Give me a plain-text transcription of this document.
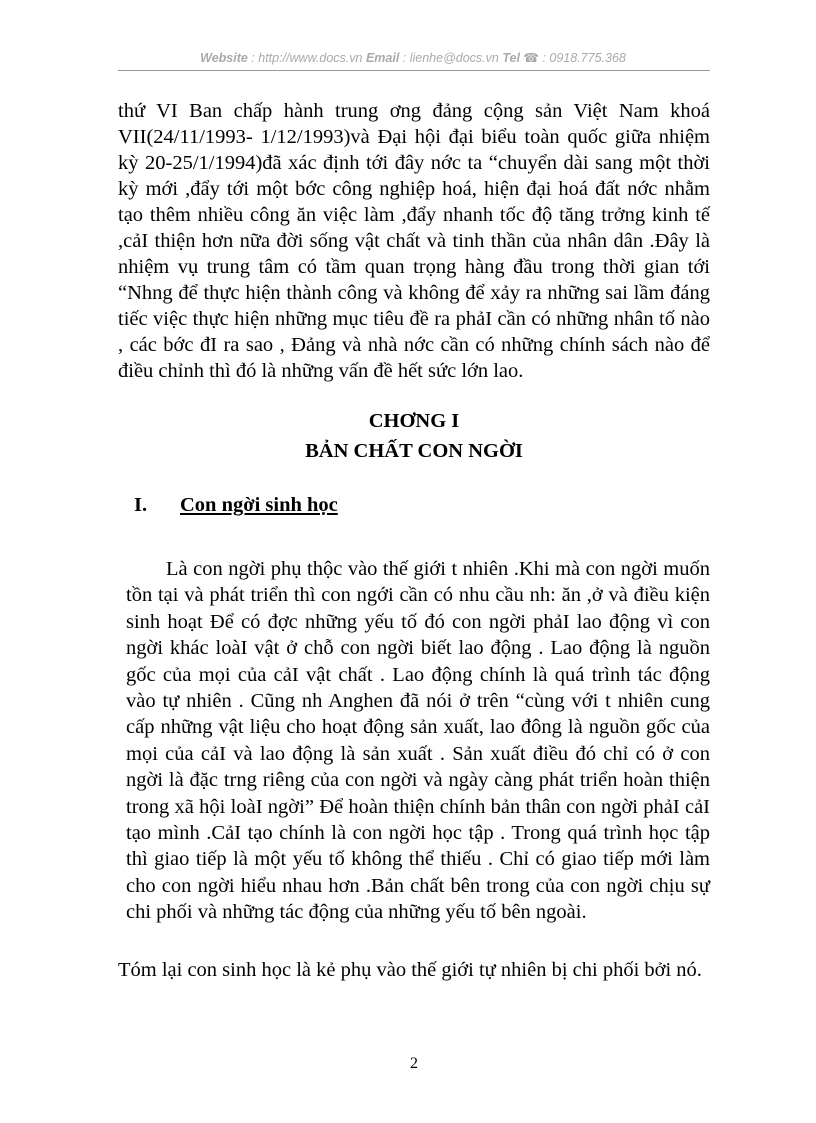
Website : http://www.docs.vn Email : lienhe@docs.vn Tel ☎ : 0918.775.368

thứ VI Ban chấp hành trung ơng đảng cộng sản Việt Nam khoá VII(24/11/1993- 1/12/1993)và Đại hội đại biểu toàn quốc giữa nhiệm kỳ 20-25/1/1994)đã xác định tới đây nớc ta “chuyển dài sang một thời kỳ mới ,đẩy tới một bớc công nghiệp hoá, hiện đại hoá đất nớc nhằm tạo thêm nhiều công ăn việc làm ,đẩy nhanh tốc độ tăng trởng kinh tế ,cảI thiện hơn nữa đời sống vật chất và tinh thần của nhân dân .Đây là nhiệm vụ trung tâm có tầm quan trọng hàng đầu trong thời gian tới “Nhng để thực hiện thành công và không để xảy ra những sai lầm đáng tiếc việc thực hiện những mục tiêu đề ra phảI cần có những nhân tố nào , các bớc đI ra sao , Đảng và nhà nớc cần có những chính sách nào để điều chỉnh thì đó là những vấn đề hết sức lớn lao.

CHƠNG I
BẢN CHẤT CON NGỜI
I. Con ngời sinh học

Là con ngời phụ thộc vào thế giới t nhiên .Khi mà con ngời muốn tồn tại và phát triển thì con ngới cần có nhu cầu nh: ăn ,ở và điều kiện sinh hoạt Để có đợc những yếu tố đó con ngời phảI lao động vì con ngời khác loàI vật ở chỗ con ngời biết lao động . Lao động là nguồn gốc của mọi của cảI vật chất . Lao động chính là quá trình tác động vào tự nhiên . Cũng nh Anghen đã nói ở trên “cùng với t nhiên cung cấp những vật liệu cho hoạt động sản xuất, lao đông là nguồn gốc của mọi của cảI và lao động là sản xuất . Sản xuất điều đó chỉ có ở con ngời là đặc trng riêng của con ngời và ngày càng phát triển hoàn thiện trong xã hội loàI ngời” Để hoàn thiện chính bản thân con ngời phảI cảI tạo mình .CảI tạo chính là con ngời học tập . Trong quá trình học tập thì giao tiếp là một yếu tố không thể thiếu . Chỉ có giao tiếp mới làm cho con ngời hiểu nhau hơn .Bản chất bên trong của con ngời chịu sự chi phối và những tác động của những yếu tố bên ngoài.

Tóm lại con sinh học là kẻ phụ vào thế giới tự nhiên bị chi phối bởi nó.

2
